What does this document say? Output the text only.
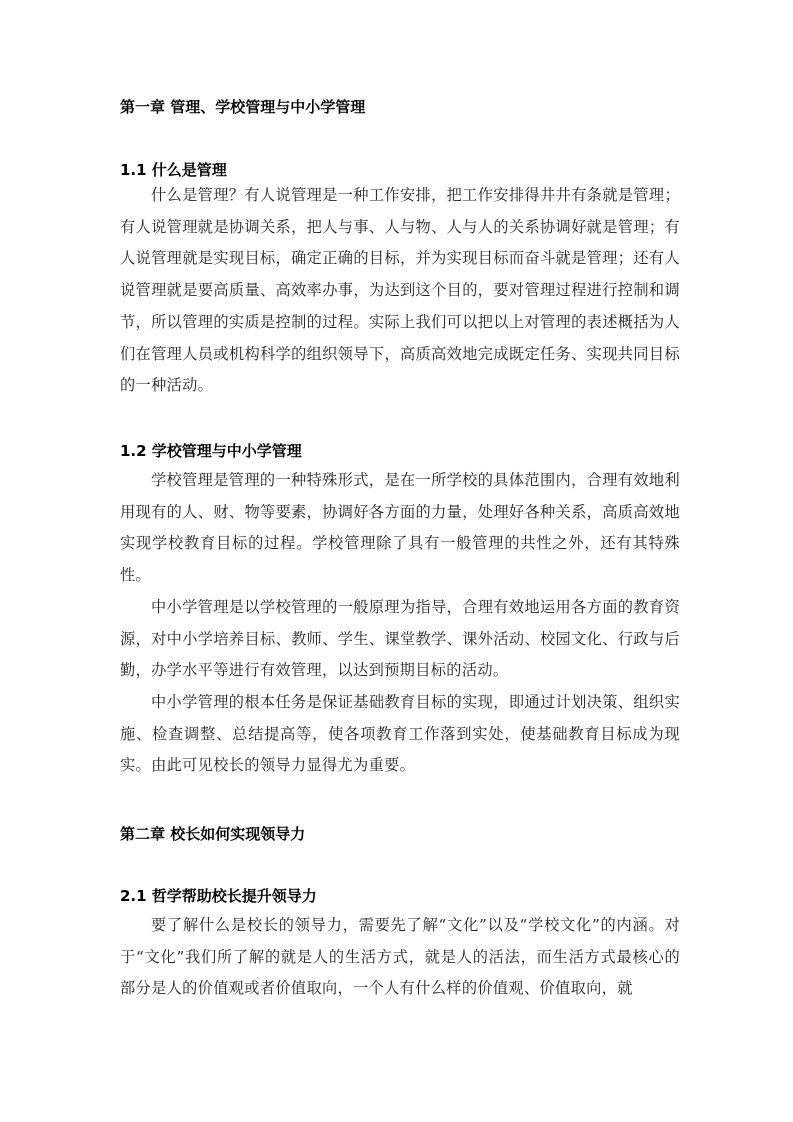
第一章 管理、学校管理与中小学管理
1.1 什么是管理
什么是管理？有人说管理是一种工作安排，把工作安排得井井有条就是管理；有人说管理就是协调关系，把人与事、人与物、人与人的关系协调好就是管理；有人说管理就是实现目标，确定正确的目标，并为实现目标而奋斗就是管理；还有人说管理就是要高质量、高效率办事，为达到这个目的，要对管理过程进行控制和调节，所以管理的实质是控制的过程。实际上我们可以把以上对管理的表述概括为人们在管理人员或机构科学的组织领导下，高质高效地完成既定任务、实现共同目标的一种活动。
1.2 学校管理与中小学管理
学校管理是管理的一种特殊形式，是在一所学校的具体范围内，合理有效地利用现有的人、财、物等要素，协调好各方面的力量，处理好各种关系，高质高效地实现学校教育目标的过程。学校管理除了具有一般管理的共性之外，还有其特殊性。
中小学管理是以学校管理的一般原理为指导，合理有效地运用各方面的教育资源，对中小学培养目标、教师、学生、课堂教学、课外活动、校园文化、行政与后勤，办学水平等进行有效管理，以达到预期目标的活动。
中小学管理的根本任务是保证基础教育目标的实现，即通过计划决策、组织实施、检查调整、总结提高等，使各项教育工作落到实处，使基础教育目标成为现实。由此可见校长的领导力显得尤为重要。
第二章 校长如何实现领导力
2.1 哲学帮助校长提升领导力
要了解什么是校长的领导力，需要先了解“文化”以及“学校文化”的内涵。对于“文化”我们所了解的就是人的生活方式，就是人的活法，而生活方式最核心的部分是人的价值观或者价值取向，一个人有什么样的价值观、价值取向，就
